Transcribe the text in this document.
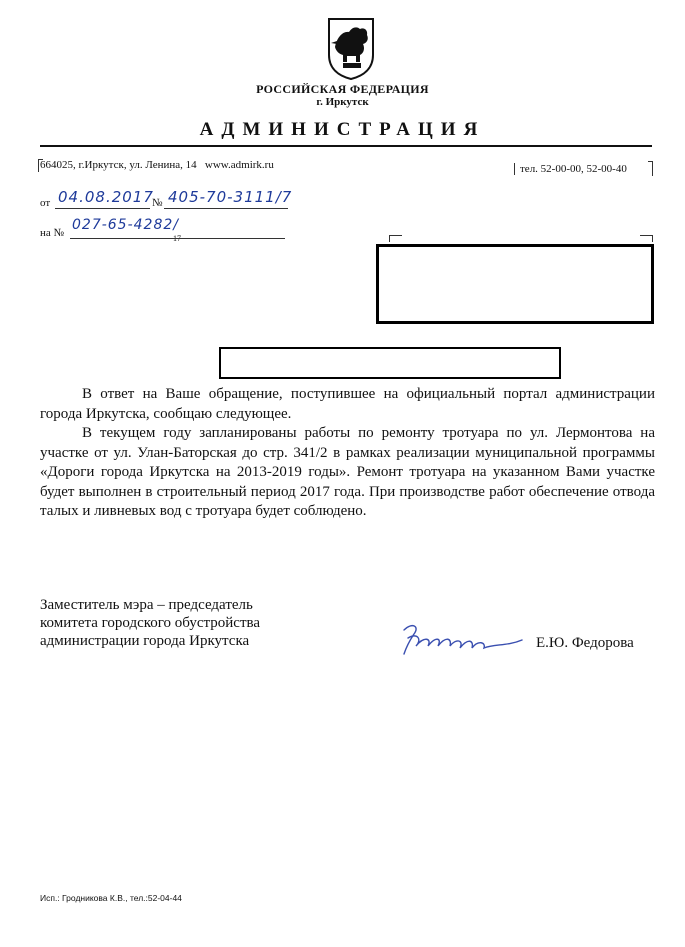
РОССИЙСКАЯ ФЕДЕРАЦИЯ
г. Иркутск
АДМИНИСТРАЦИЯ
664025, г.Иркутск, ул. Ленина, 14 www.admirk.ru	тел. 52-00-00, 52-00-40
от 04.08.2017
№ 405-70-3111/7
на № 027-65-4282/
17

В ответ на Ваше обращение, поступившее на официальный портал администрации города Иркутска, сообщаю следующее.

В текущем году запланированы работы по ремонту тротуара по ул. Лермонтова на участке от ул. Улан-Баторская до стр. 341/2 в рамках реализации муниципальной программы «Дороги города Иркутска на 2013-2019 годы». Ремонт тротуара на указанном Вами участке будет выполнен в строительный период 2017 года. При производстве работ обеспечение отвода талых и ливневых вод с тротуара будет соблюдено.

Заместитель мэра – председатель
комитета городского обустройства
администрации города Иркутска	Е.Ю. Федорова
Исп.: Гродникова К.В., тел.:52-04-44
